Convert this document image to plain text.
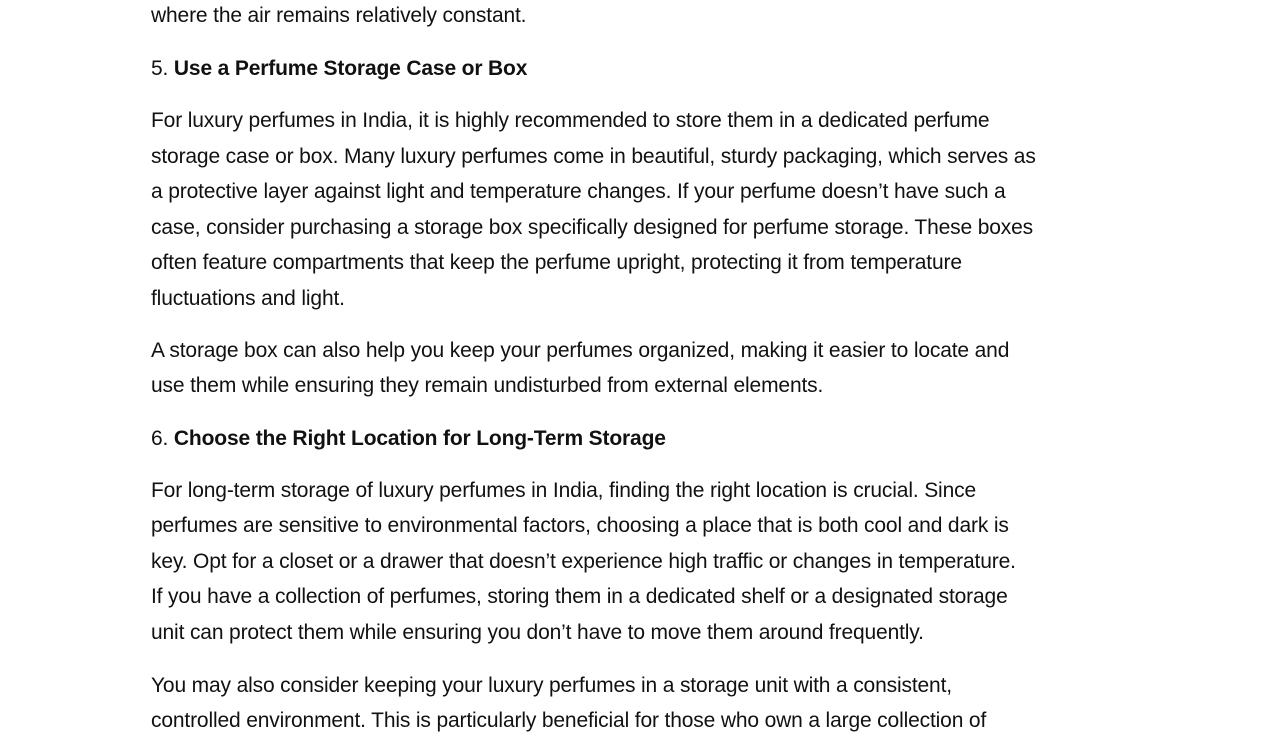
where the air remains relatively constant.
5. Use a Perfume Storage Case or Box
For luxury perfumes in India, it is highly recommended to store them in a dedicated perfume
storage case or box. Many luxury perfumes come in beautiful, sturdy packaging, which serves as
a protective layer against light and temperature changes. If your perfume doesn’t have such a
case, consider purchasing a storage box specifically designed for perfume storage. These boxes
often feature compartments that keep the perfume upright, protecting it from temperature
fluctuations and light.
A storage box can also help you keep your perfumes organized, making it easier to locate and
use them while ensuring they remain undisturbed from external elements.
6. Choose the Right Location for Long-Term Storage
For long-term storage of luxury perfumes in India, finding the right location is crucial. Since
perfumes are sensitive to environmental factors, choosing a place that is both cool and dark is
key. Opt for a closet or a drawer that doesn’t experience high traffic or changes in temperature.
If you have a collection of perfumes, storing them in a dedicated shelf or a designated storage
unit can protect them while ensuring you don’t have to move them around frequently.
You may also consider keeping your luxury perfumes in a storage unit with a consistent,
controlled environment. This is particularly beneficial for those who own a large collection of
